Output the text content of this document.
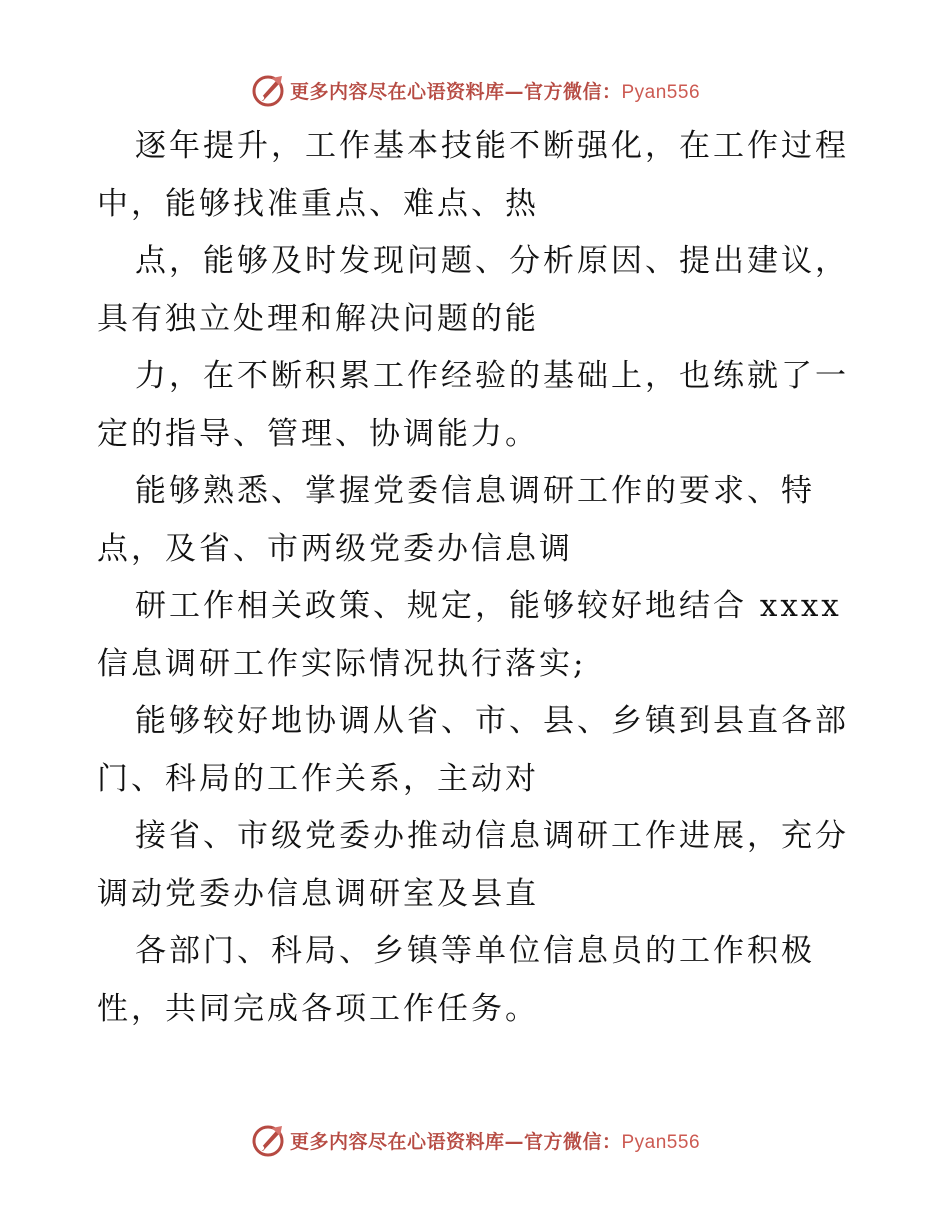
更多内容尽在心语资料库—官方微信：Pyan556

逐年提升，工作基本技能不断强化，在工作过程
中，能够找准重点、难点、热

点，能够及时发现问题、分析原因、提出建议，
具有独立处理和解决问题的能

力，在不断积累工作经验的基础上，也练就了一
定的指导、管理、协调能力。

能够熟悉、掌握党委信息调研工作的要求、特
点，及省、市两级党委办信息调

研工作相关政策、规定，能够较好地结合 xxxx
信息调研工作实际情况执行落实;

能够较好地协调从省、市、县、乡镇到县直各部
门、科局的工作关系，主动对

接省、市级党委办推动信息调研工作进展，充分
调动党委办信息调研室及县直

各部门、科局、乡镇等单位信息员的工作积极
性，共同完成各项工作任务。

更多内容尽在心语资料库—官方微信：Pyan556
